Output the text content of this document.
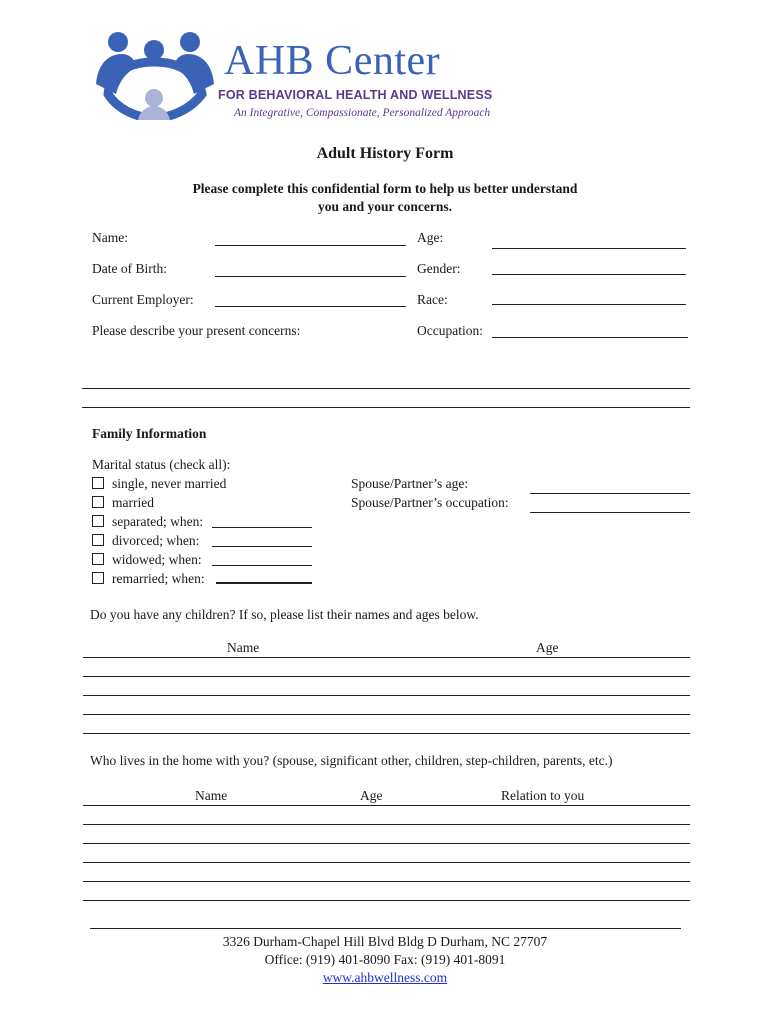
AHB Center
FOR BEHAVIORAL HEALTH AND WELLNESS
An Integrative, Compassionate, Personalized Approach
Adult History Form
Please complete this confidential form to help us better understand
you and your concerns.
Name:	Age:
Date of Birth:	Gender:
Current Employer:	Race:
Please describe your present concerns:	Occupation:
Family Information
Marital status (check all):
single, never married
married
separated; when:
divorced; when:
widowed; when:
remarried; when:
Spouse/Partner’s age:
Spouse/Partner’s occupation:
Do you have any children? If so, please list their names and ages below.
Name	Age
Who lives in the home with you? (spouse, significant other, children, step-children, parents, etc.)
Name	Age	Relation to you
3326 Durham-Chapel Hill Blvd Bldg D Durham, NC 27707
Office: (919) 401-8090 Fax: (919) 401-8091
www.ahbwellness.com
